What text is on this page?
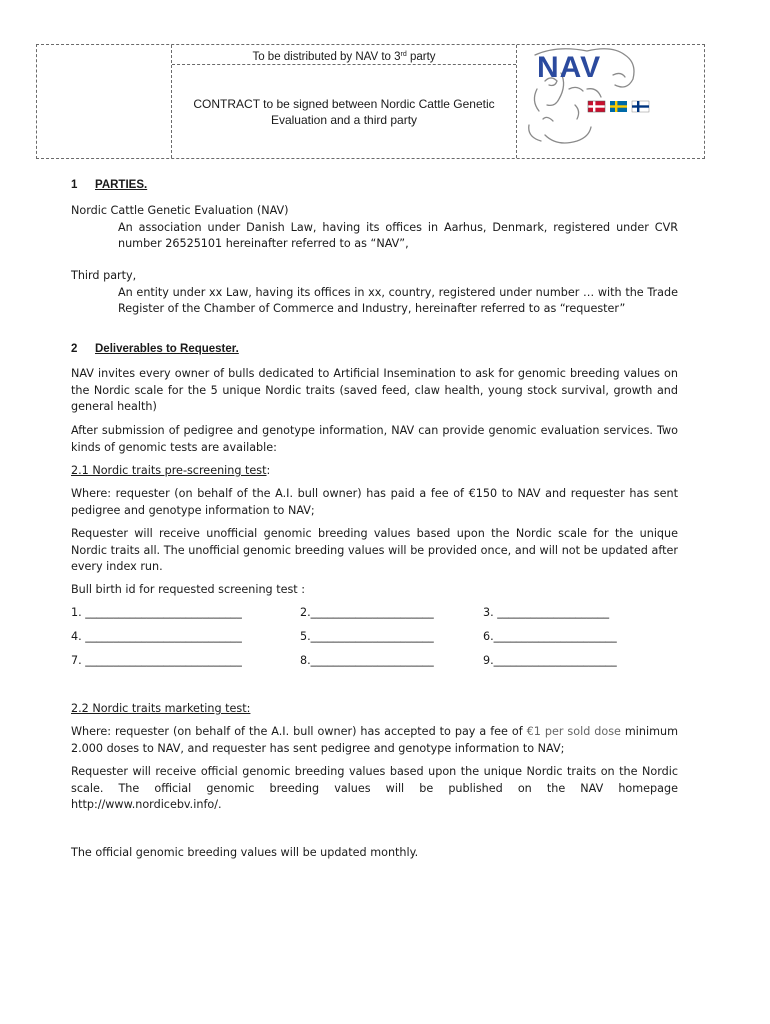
To be distributed by NAV to 3rd party
CONTRACT to be signed between Nordic Cattle Genetic
Evaluation and a third party
NAV
1 PARTIES.

Nordic Cattle Genetic Evaluation (NAV)

An association under Danish Law, having its offices in Aarhus, Denmark, registered under CVR number 26525101 hereinafter referred to as “NAV”,

Third party,

An entity under xx Law, having its offices in xx, country, registered under number … with the Trade Register of the Chamber of Commerce and Industry, hereinafter referred to as “requester”

2 Deliverables to Requester.

NAV invites every owner of bulls dedicated to Artificial Insemination to ask for genomic breeding values on the Nordic scale for the 5 unique Nordic traits (saved feed, claw health, young stock survival, growth and general health)

After submission of pedigree and genotype information, NAV can provide genomic evaluation services. Two kinds of genomic tests are available:

2.1 Nordic traits pre-screening test:

Where: requester (on behalf of the A.I. bull owner) has paid a fee of €150 to NAV and requester has sent pedigree and genotype information to NAV;

Requester will receive unofficial genomic breeding values based upon the Nordic scale for the unique Nordic traits all. The unofficial genomic breeding values will be provided once, and will not be updated after every index run.

Bull birth id for requested screening test :

1. ____________________________	2.______________________	3. ____________________
4. ____________________________	5.______________________	6.______________________
7. ____________________________	8.______________________	9.______________________

2.2 Nordic traits marketing test:

Where: requester (on behalf of the A.I. bull owner) has accepted to pay a fee of €1 per sold dose minimum 2.000 doses to NAV, and requester has sent pedigree and genotype information to NAV;

Requester will receive official genomic breeding values based upon the unique Nordic traits on the Nordic scale. The official genomic breeding values will be published on the NAV homepage http://www.nordicebv.info/.

The official genomic breeding values will be updated monthly.
